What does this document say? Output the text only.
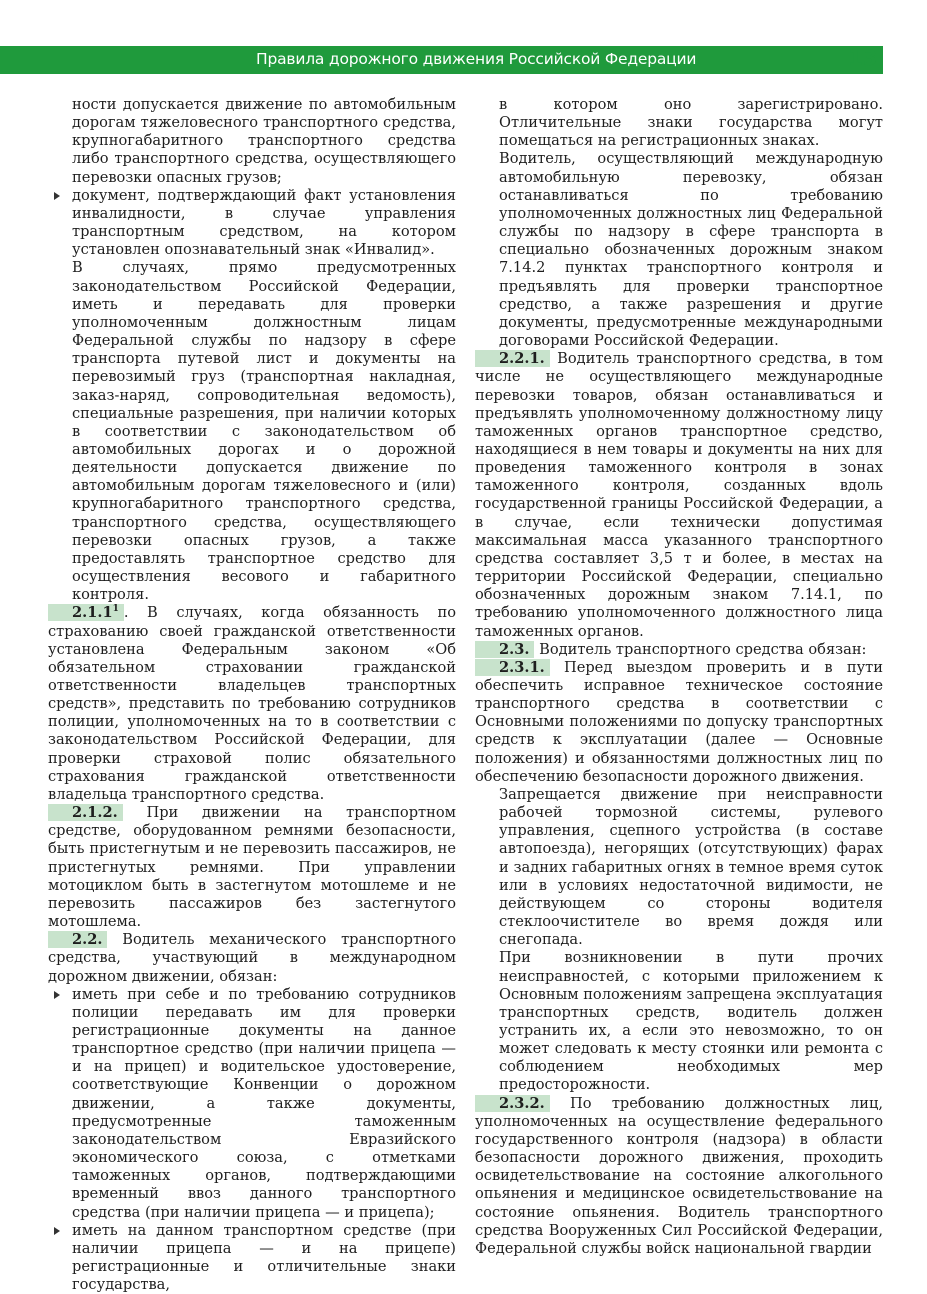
Правила дорожного движения Российской Федерации	13

ности допускается движение по автомобильным дорогам тяжеловесного транспортного средства, крупногабаритного транспортного средства либо транспортного средства, осуществляющего перевозки опасных грузов;

документ, подтверждающий факт установления инвалидности, в случае управления транспортным средством, на котором установлен опознавательный знак «Инвалид».

В случаях, прямо предусмотренных законодательством Российской Федерации, иметь и передавать для проверки уполномоченным должностным лицам Федеральной службы по надзору в сфере транспорта путевой лист и документы на перевозимый груз (транспортная накладная, заказ-наряд, сопроводительная ведомость), специальные разрешения, при наличии которых в соответствии с законодательством об автомобильных дорогах и о дорожной деятельности допускается движение по автомобильным дорогам тяжеловесного и (или) крупногабаритного транспортного средства, транспортного средства, осуществляющего перевозки опасных грузов, а также предоставлять транспортное средство для осуществления весового и габаритного контроля.

2.1.1$^1$ . В случаях, когда обязанность по страхованию своей гражданской ответственности установлена Федеральным законом «Об обязательном страховании гражданской ответственности владельцев транспортных средств», представить по требованию сотрудников полиции, уполномоченных на то в соответствии с законодательством Российской Федерации, для проверки страховой полис обязательного страхования гражданской ответственности владельца транспортного средства.

2.1.2. При движении на транспортном средстве, оборудованном ремнями безопасности, быть пристегнутым и не перевозить пассажиров, не пристегнутых ремнями. При управлении мотоциклом быть в застегнутом мотошлеме и не перевозить пассажиров без застегнутого мотошлема.

2.2. Водитель механического транспортного средства, участвующий в международном дорожном движении, обязан:

иметь при себе и по требованию сотрудников полиции передавать им для проверки регистрационные документы на данное транспортное средство (при наличии прицепа — и на прицеп) и водительское удостоверение, соответствующие Конвенции о дорожном движении, а также документы, предусмотренные таможенным законодательством Евразийского экономического союза, с отметками таможенных органов, подтверждающими временный ввоз данного транспортного средства (при наличии прицепа — и прицепа);

иметь на данном транспортном средстве (при наличии прицепа — и на прицепе) регистрационные и отличительные знаки государства,

в котором оно зарегистрировано. Отличительные знаки государства могут помещаться на регистрационных знаках.

Водитель, осуществляющий международную автомобильную перевозку, обязан останавливаться по требованию уполномоченных должностных лиц Федеральной службы по надзору в сфере транспорта в специально обозначенных дорожным знаком 7.14.2 пунктах транспортного контроля и предъявлять для проверки транспортное средство, а также разрешения и другие документы, предусмотренные международными договорами Российской Федерации.

2.2.1. Водитель транспортного средства, в том числе не осуществляющего международные перевозки товаров, обязан останавливаться и предъявлять уполномоченному должностному лицу таможенных органов транспортное средство, находящиеся в нем товары и документы на них для проведения таможенного контроля в зонах таможенного контроля, созданных вдоль государственной границы Российской Федерации, а в случае, если технически допустимая максимальная масса указанного транспортного средства составляет 3,5 т и более, в местах на территории Российской Федерации, специально обозначенных дорожным знаком 7.14.1, по требованию уполномоченного должностного лица таможенных органов.

2.3. Водитель транспортного средства обязан:

2.3.1. Перед выездом проверить и в пути обеспечить исправное техническое состояние транспортного средства в соответствии с Основными положениями по допуску транспортных средств к эксплуатации (далее — Основные положения) и обязанностями должностных лиц по обеспечению безопасности дорожного движения.

Запрещается движение при неисправности рабочей тормозной системы, рулевого управления, сцепного устройства (в составе автопоезда), негорящих (отсутствующих) фарах и задних габаритных огнях в темное время суток или в условиях недостаточной видимости, не действующем со стороны водителя стеклоочистителе во время дождя или снегопада.

При возникновении в пути прочих неисправностей, с которыми приложением к Основным положениям запрещена эксплуатация транспортных средств, водитель должен устранить их, а если это невозможно, то он может следовать к месту стоянки или ремонта с соблюдением необходимых мер предосторожности.

2.3.2. По требованию должностных лиц, уполномоченных на осуществление федерального государственного контроля (надзора) в области безопасности дорожного движения, проходить освидетельствование на состояние алкогольного опьянения и медицинское освидетельствование на состояние опьянения. Водитель транспортного средства Вооруженных Сил Российской Федерации, Федеральной службы войск национальной гвардии
